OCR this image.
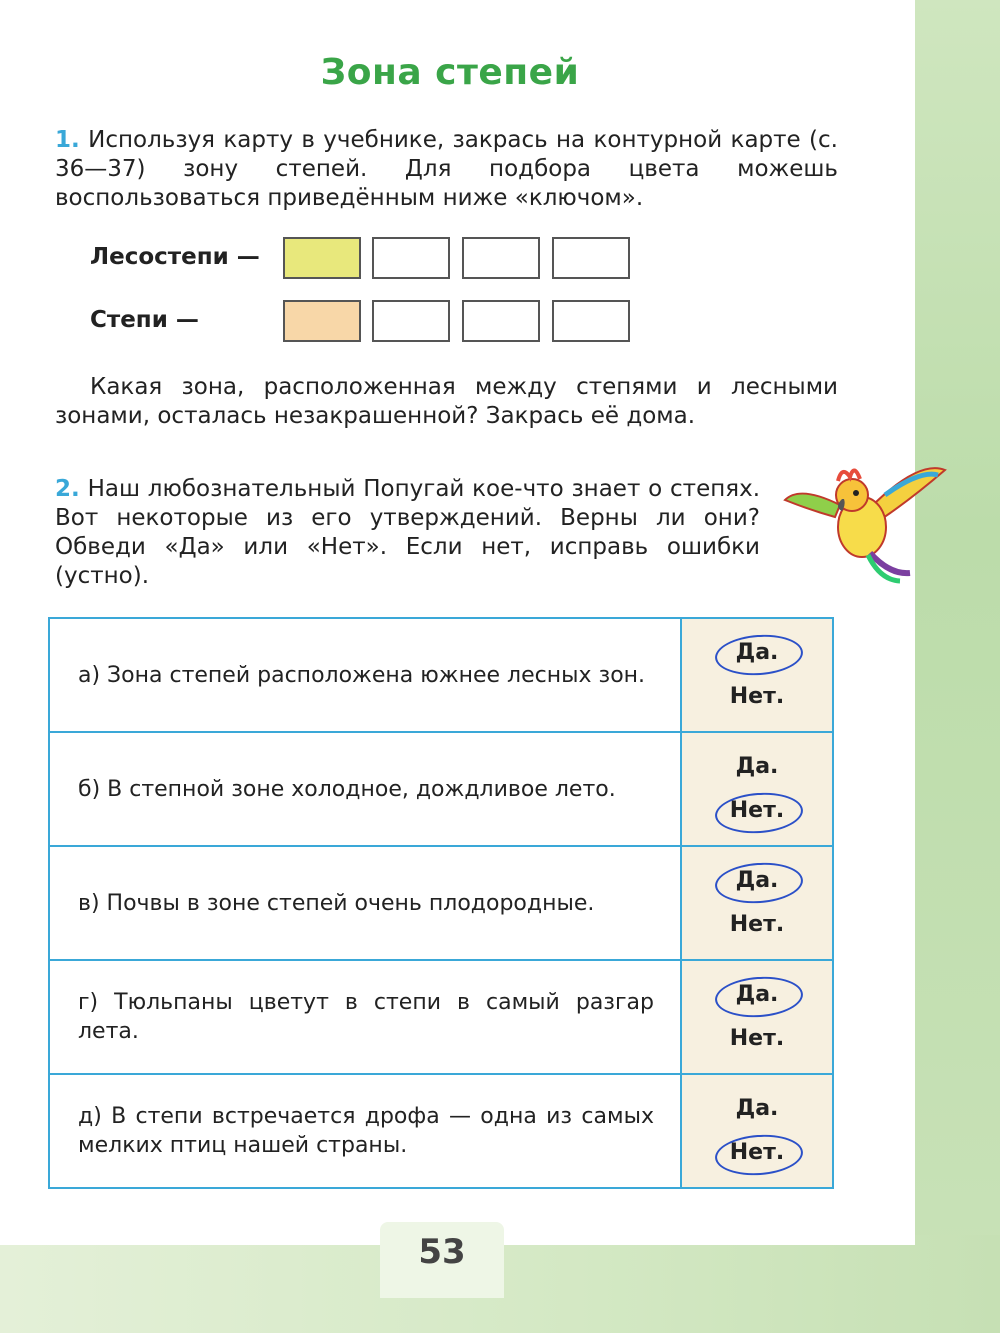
Зона степей
1. Используя карту в учебнике, закрась на контурной карте (с. 36—37) зону степей. Для подбора цвета можешь воспользоваться приведённым ниже «ключом».
Лесостепи —
Степи —
Какая зона, расположенная между степями и лесными зонами, осталась незакрашенной? Закрась её дома.
2. Наш любознательный Попугай кое-что знает о степях. Вот некоторые из его утверждений. Верны ли они? Обведи «Да» или «Нет». Если нет, исправь ошибки (устно).
а) Зона степей расположена южнее лесных зон.	Да.
Нет.

б) В степной зоне холодное, дождливое лето.	Да.
Нет.

в) Почвы в зоне степей очень плодородные.	Да.
Нет.

г) Тюльпаны цветут в степи в самый разгар лета.	Да.
Нет.

д) В степи встречается дрофа — одна из самых мелких птиц нашей страны.	Да.
Нет.
53
